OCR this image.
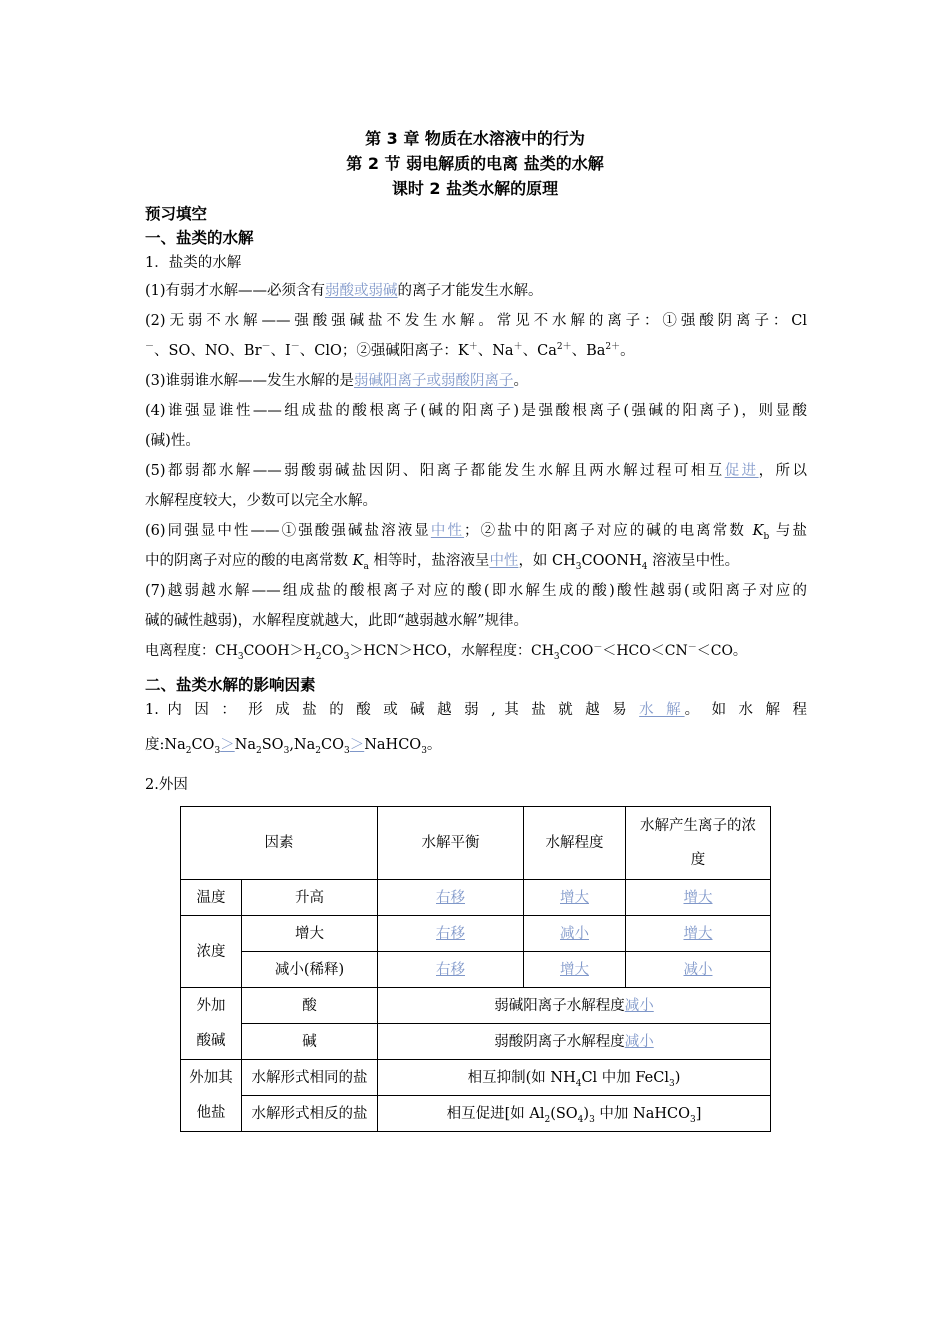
第 3 章 物质在水溶液中的行为
第 2 节 弱电解质的电离 盐类的水解
课时 2 盐类水解的原理
预习填空
一、盐类的水解
1．盐类的水解
(1)有弱才水解——必须含有弱酸或弱碱的离子才能发生水解。
(2)无弱不水解——强酸强碱盐不发生水解。常见不水解的离子：①强酸阴离子：Cl
－、SO、NO、Br－、I－、ClO；②强碱阳离子：K＋、Na＋、$Ca^{2+}$、$Ba^{2+}$。
(3)谁弱谁水解——发生水解的是弱碱阳离子或弱酸阴离子。
(4)谁强显谁性——组成盐的酸根离子(碱的阳离子)是强酸根离子(强碱的阳离子)，则显酸
(碱)性。
(5)都弱都水解——弱酸弱碱盐因阴、阳离子都能发生水解且两水解过程可相互促进，所以
水解程度较大，少数可以完全水解。
(6)同强显中性——①强酸强碱盐溶液显中性；②盐中的阳离子对应的碱的电离常数 $K_b$ 与盐
中的阴离子对应的酸的电离常数 $K_a$ 相等时，盐溶液呈中性，如 $CH_3COONH_4$ 溶液呈中性。
(7)越弱越水解——组成盐的酸根离子对应的酸(即水解生成的酸)酸性越弱(或阳离子对应的
碱的碱性越弱)，水解程度就越大，此即“越弱越水解”规律。
电离程度：$CH_3COOH>H_2CO_3>HCN>HCO$，水解程度：$CH_3COO^-<HCO<CN^-<CO$。
二、盐类水解的影响因素
1. 内 因 ： 形 成 盐 的 酸 或 碱 越 弱 , 其 盐 就 越 易 水 解。 如 水 解 程
度$:Na_2CO_3>Na_2SO_3,Na_2CO_3>NaHCO_3$。
2.外因
因素		水解平衡	水解程度	水解产生离子的浓
度
温度	升高	右移	增大	增大
浓度	增大	右移	减小	增大
	减小(稀释)	右移	增大	减小
外加
酸碱	酸	弱碱阳离子水解程度减小		
	碱	弱酸阴离子水解程度减小		
外加其
他盐	水解形式相同的盐	相互抑制(如 $NH_4Cl$ 中加 FeCl$_3$)		
	水解形式相反的盐	相互促进[如 $Al_2(SO_4)_3$ 中加 NaHCO$_3$]		
